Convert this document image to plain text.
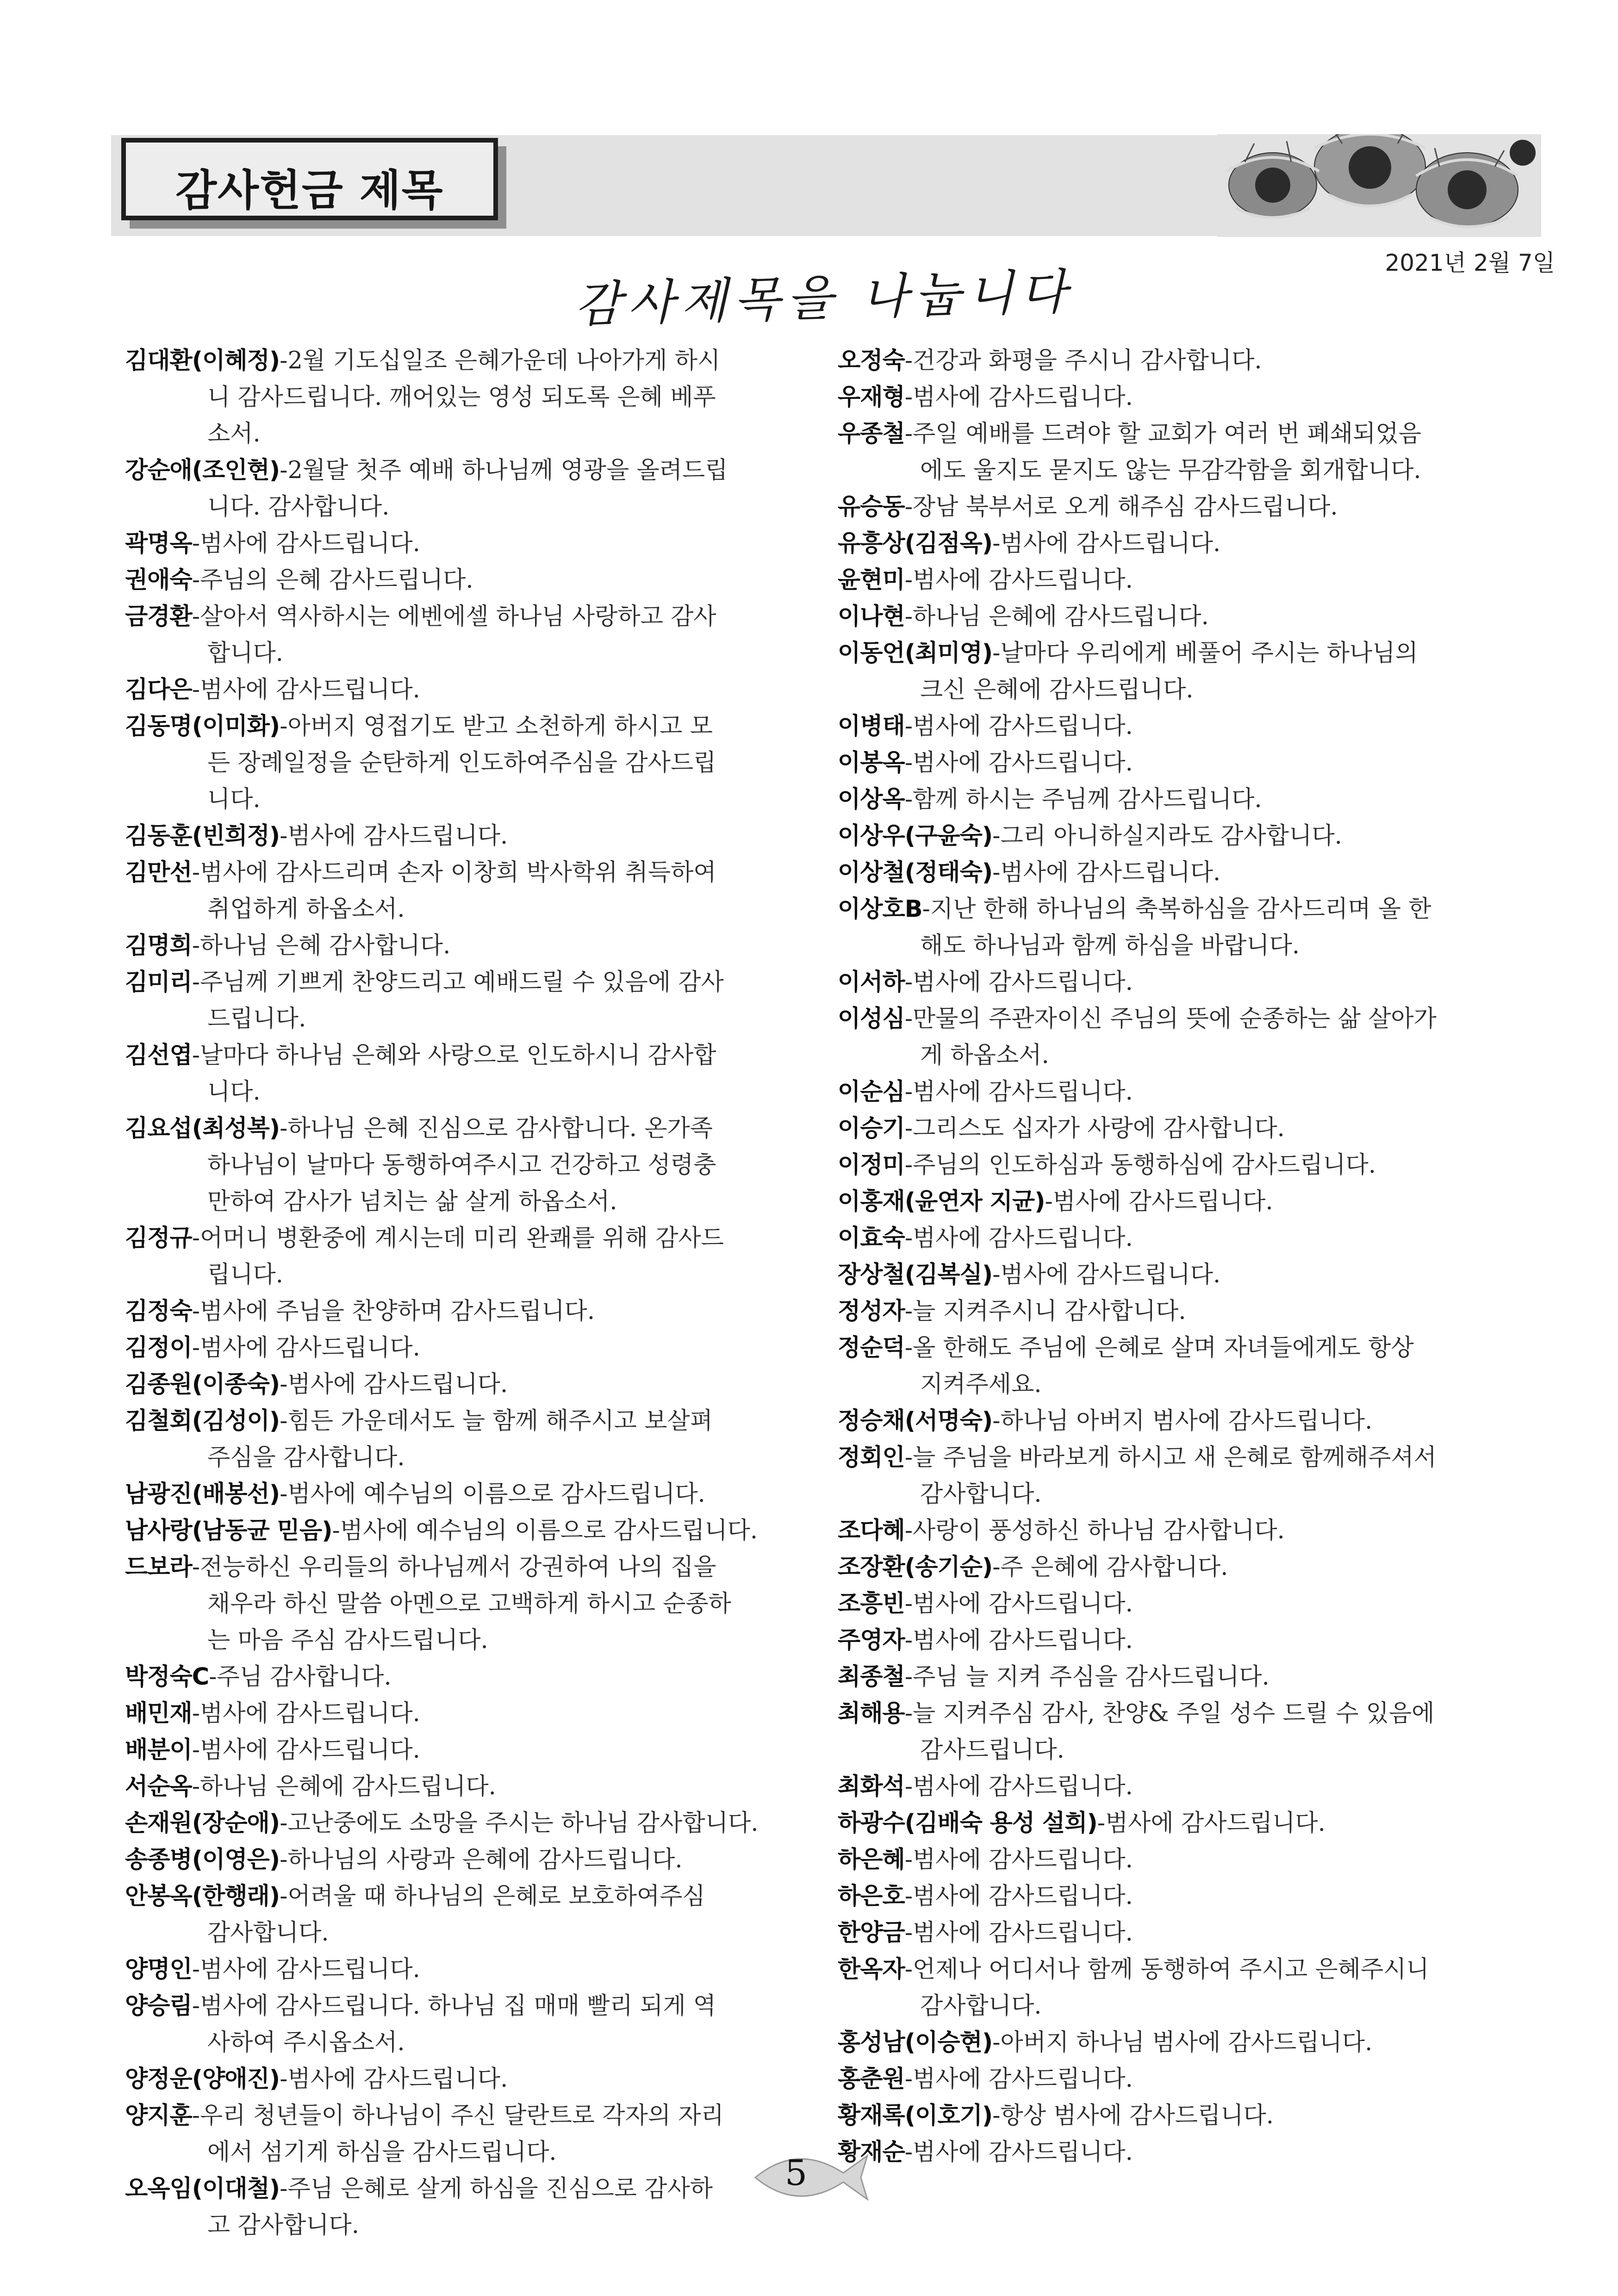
감사헌금 제목
2021년 2월 7일
감사제목을 나눕니다
김대환(이혜정)-2월 기도십일조 은혜가운데 나아가게 하시
니 감사드립니다. 깨어있는 영성 되도록 은혜 베푸
소서.
강순애(조인현)-2월달 첫주 예배 하나님께 영광을 올려드립
니다. 감사합니다.
곽명옥-범사에 감사드립니다.
권애숙-주님의 은혜 감사드립니다.
금경환-살아서 역사하시는 에벤에셀 하나님 사랑하고 감사
합니다.
김다은-범사에 감사드립니다.
김동명(이미화)-아버지 영접기도 받고 소천하게 하시고 모
든 장례일정을 순탄하게 인도하여주심을 감사드립
니다.
김동훈(빈희정)-범사에 감사드립니다.
김만선-범사에 감사드리며 손자 이창희 박사학위 취득하여
취업하게 하옵소서.
김명희-하나님 은혜 감사합니다.
김미리-주님께 기쁘게 찬양드리고 예배드릴 수 있음에 감사
드립니다.
김선엽-날마다 하나님 은혜와 사랑으로 인도하시니 감사합
니다.
김요섭(최성복)-하나님 은혜 진심으로 감사합니다. 온가족
하나님이 날마다 동행하여주시고 건강하고 성령충
만하여 감사가 넘치는 삶 살게 하옵소서.
김정규-어머니 병환중에 계시는데 미리 완쾌를 위해 감사드
립니다.
김정숙-범사에 주님을 찬양하며 감사드립니다.
김정이-범사에 감사드립니다.
김종원(이종숙)-범사에 감사드립니다.
김철회(김성이)-힘든 가운데서도 늘 함께 해주시고 보살펴
주심을 감사합니다.
남광진(배봉선)-범사에 예수님의 이름으로 감사드립니다.
남사랑(남동균 믿음)-범사에 예수님의 이름으로 감사드립니다.
드보라-전능하신 우리들의 하나님께서 강권하여 나의 집을
채우라 하신 말씀 아멘으로 고백하게 하시고 순종하
는 마음 주심 감사드립니다.
박정숙C-주님 감사합니다.
배민재-범사에 감사드립니다.
배분이-범사에 감사드립니다.
서순옥-하나님 은혜에 감사드립니다.
손재원(장순애)-고난중에도 소망을 주시는 하나님 감사합니다.
송종병(이영은)-하나님의 사랑과 은혜에 감사드립니다.
안봉옥(한행래)-어려울 때 하나님의 은혜로 보호하여주심
감사합니다.
양명인-범사에 감사드립니다.
양승림-범사에 감사드립니다. 하나님 집 매매 빨리 되게 역
사하여 주시옵소서.
양정운(양애진)-범사에 감사드립니다.
양지훈-우리 청년들이 하나님이 주신 달란트로 각자의 자리
에서 섬기게 하심을 감사드립니다.
오옥임(이대철)-주님 은혜로 살게 하심을 진심으로 감사하
고 감사합니다.
오정숙-건강과 화평을 주시니 감사합니다.
우재형-범사에 감사드립니다.
우종철-주일 예배를 드려야 할 교회가 여러 번 폐쇄되었음
에도 울지도 묻지도 않는 무감각함을 회개합니다.
유승동-장남 북부서로 오게 해주심 감사드립니다.
유흥상(김점옥)-범사에 감사드립니다.
윤현미-범사에 감사드립니다.
이나현-하나님 은혜에 감사드립니다.
이동언(최미영)-날마다 우리에게 베풀어 주시는 하나님의
크신 은혜에 감사드립니다.
이병태-범사에 감사드립니다.
이봉옥-범사에 감사드립니다.
이상옥-함께 하시는 주님께 감사드립니다.
이상우(구윤숙)-그리 아니하실지라도 감사합니다.
이상철(정태숙)-범사에 감사드립니다.
이상호B-지난 한해 하나님의 축복하심을 감사드리며 올 한
해도 하나님과 함께 하심을 바랍니다.
이서하-범사에 감사드립니다.
이성심-만물의 주관자이신 주님의 뜻에 순종하는 삶 살아가
게 하옵소서.
이순심-범사에 감사드립니다.
이승기-그리스도 십자가 사랑에 감사합니다.
이정미-주님의 인도하심과 동행하심에 감사드립니다.
이홍재(윤연자 지균)-범사에 감사드립니다.
이효숙-범사에 감사드립니다.
장상철(김복실)-범사에 감사드립니다.
정성자-늘 지켜주시니 감사합니다.
정순덕-올 한해도 주님에 은혜로 살며 자녀들에게도 항상
지켜주세요.
정승채(서명숙)-하나님 아버지 범사에 감사드립니다.
정회인-늘 주님을 바라보게 하시고 새 은혜로 함께해주셔서
감사합니다.
조다혜-사랑이 풍성하신 하나님 감사합니다.
조장환(송기순)-주 은혜에 감사합니다.
조흥빈-범사에 감사드립니다.
주영자-범사에 감사드립니다.
최종철-주님 늘 지켜 주심을 감사드립니다.
최해용-늘 지켜주심 감사, 찬양& 주일 성수 드릴 수 있음에
감사드립니다.
최화석-범사에 감사드립니다.
하광수(김배숙 용성 설희)-범사에 감사드립니다.
하은혜-범사에 감사드립니다.
하은호-범사에 감사드립니다.
한양금-범사에 감사드립니다.
한옥자-언제나 어디서나 함께 동행하여 주시고 은혜주시니
감사합니다.
홍성남(이승현)-아버지 하나님 범사에 감사드립니다.
홍춘원-범사에 감사드립니다.
황재록(이호기)-항상 범사에 감사드립니다.
황재순-범사에 감사드립니다.
5
